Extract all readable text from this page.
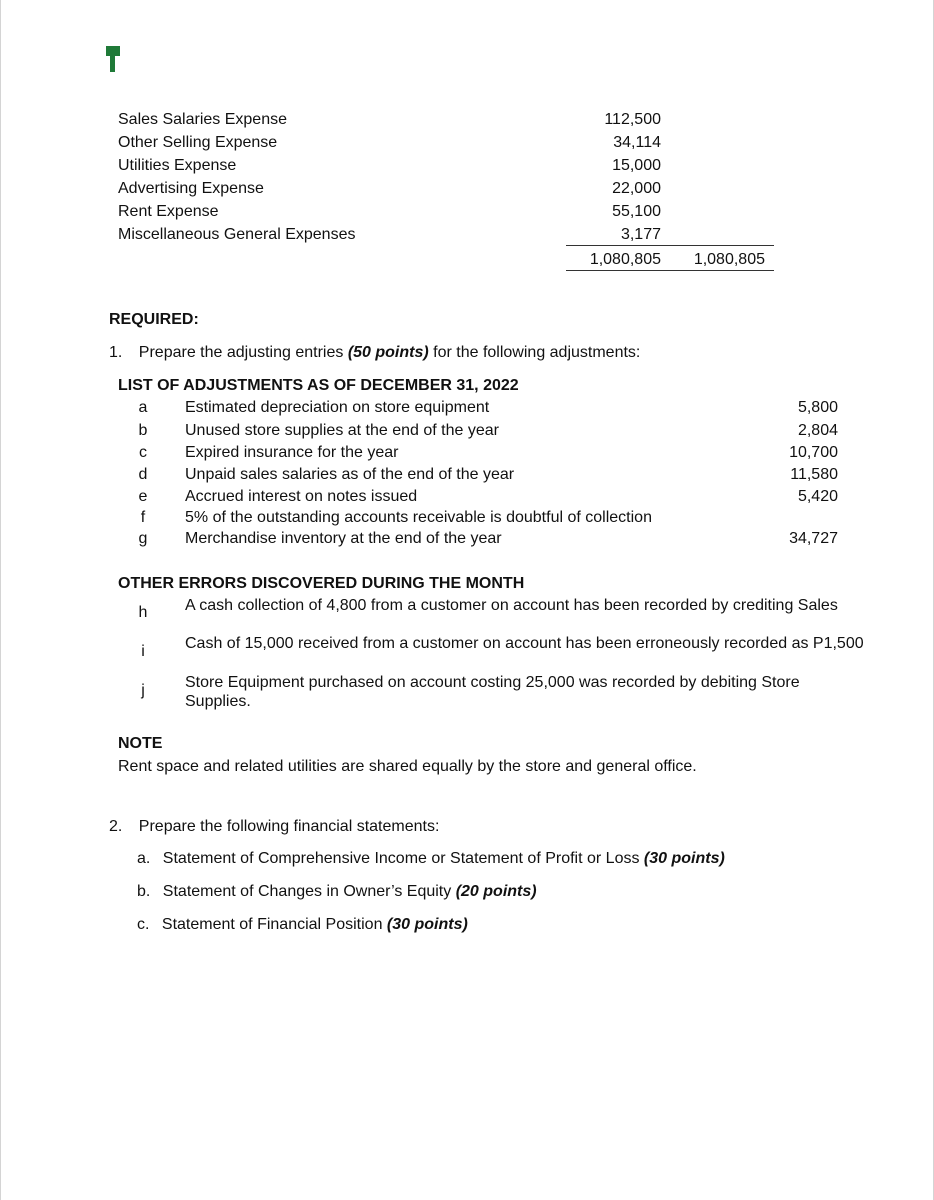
Sales Salaries Expense	112,500
Other Selling Expense	34,114
Utilities Expense	15,000
Advertising Expense	22,000
Rent Expense	55,100
Miscellaneous General Expenses	3,177
1,080,805 1,080,805
REQUIRED:
1. Prepare the adjusting entries (50 points) for the following adjustments:
LIST OF ADJUSTMENTS AS OF DECEMBER 31, 2022
a	Estimated depreciation on store equipment	5,800
b	Unused store supplies at the end of the year	2,804
c	Expired insurance for the year	10,700
d	Unpaid sales salaries as of the end of the year	11,580
e	Accrued interest on notes issued	5,420
f	5% of the outstanding accounts receivable is doubtful of collection
g	Merchandise inventory at the end of the year	34,727
OTHER ERRORS DISCOVERED DURING THE MONTH
h	A cash collection of 4,800 from a customer on account has been recorded by crediting Sales
i	Cash of 15,000 received from a customer on account has been erroneously recorded as P1,500
j	Store Equipment purchased on account costing 25,000 was recorded by debiting Store Supplies.
NOTE
Rent space and related utilities are shared equally by the store and general office.
2. Prepare the following financial statements:
a. Statement of Comprehensive Income or Statement of Profit or Loss (30 points)
b. Statement of Changes in Owner’s Equity (20 points)
c. Statement of Financial Position (30 points)
